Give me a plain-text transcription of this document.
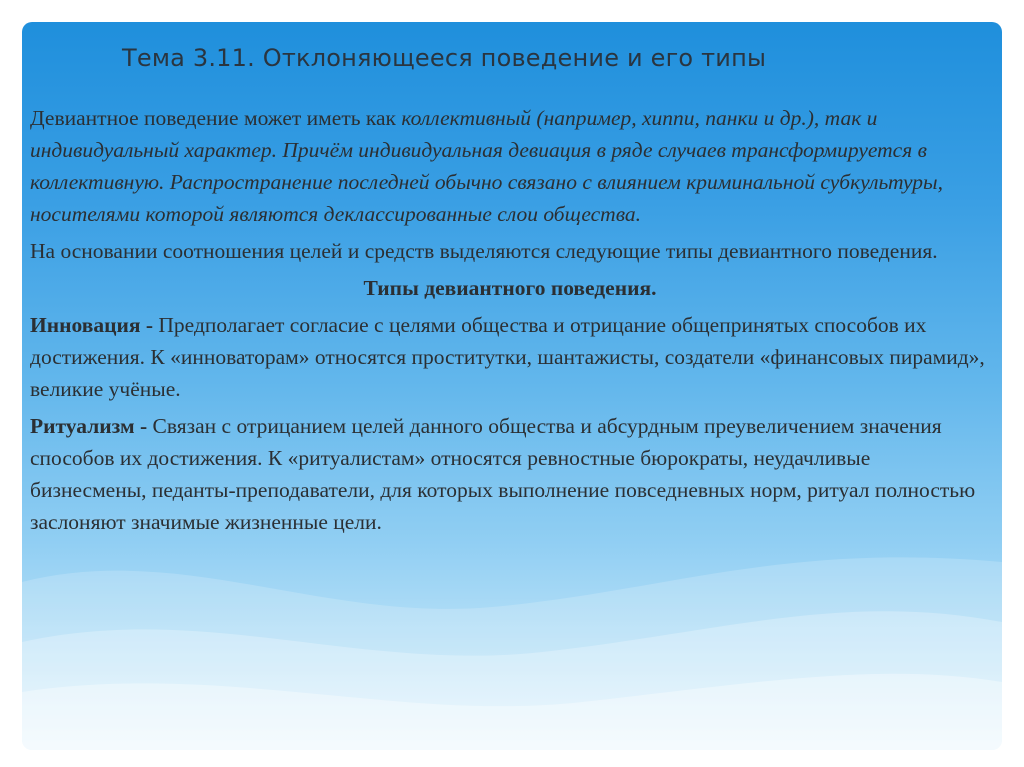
Тема 3.11. Отклоняющееся поведение и его типы

Девиантное поведение может иметь как коллективный (например, хиппи, панки и др.), так и индивидуальный характер. Причём индивидуальная девиация в ряде случаев трансформируется в коллективную. Распространение последней обычно связано с влиянием криминальной субкультуры, носителями которой являются деклассированные слои общества.

На основании соотношения целей и средств выделяются следующие типы девиантного поведения.

Типы девиантного поведения.

Инновация - Предполагает согласие с целями общества и отрицание общепринятых способов их достижения. К «инноваторам» относятся проститутки, шантажисты, создатели «финансовых пирамид», великие учёные.

Ритуализм - Связан с отрицанием целей данного общества и абсурдным преувеличением значения способов их достижения. К «ритуалистам» относятся ревностные бюрократы, неудачливые бизнесмены, педанты-преподаватели, для которых выполнение повседневных норм, ритуал полностью заслоняют значимые жизненные цели.
